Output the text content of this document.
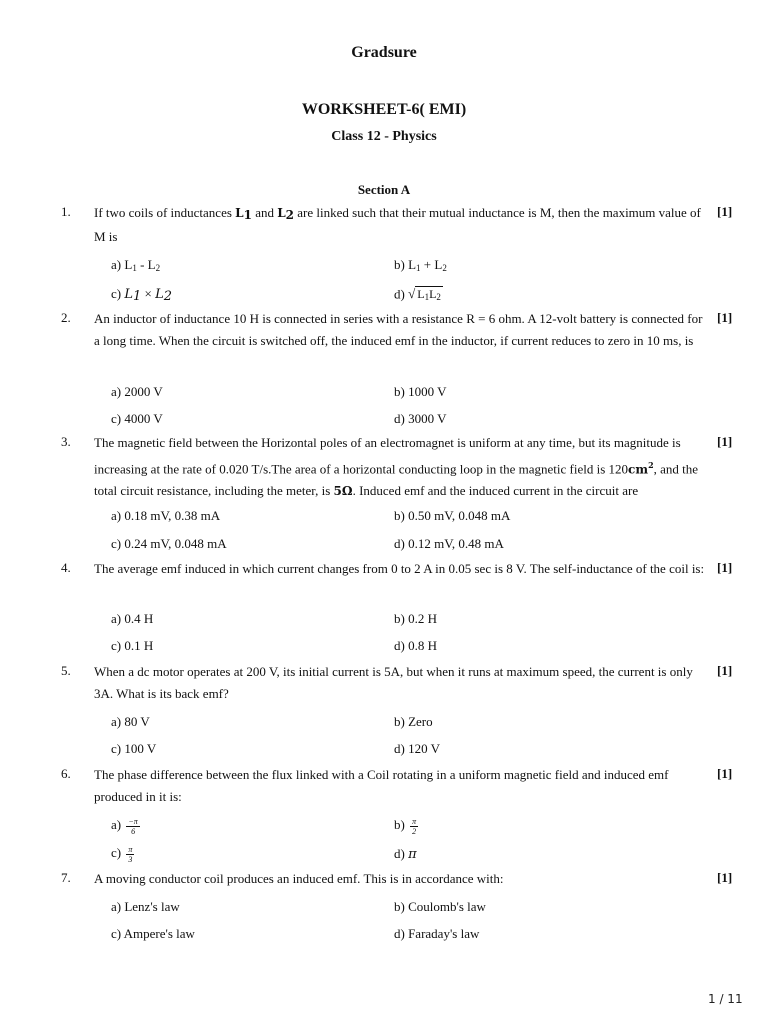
Gradsure
WORKSHEET-6( EMI)
Class 12 - Physics
Section A
1. If two coils of inductances $L_1$ and $L_2$ are linked such that their mutual inductance is M, then the maximum value of M is
[1]
a) $L_1 - L_2$	b) $L_1 + L_2$
c) $L_1 \times L_2$	d) √ $L_1L_2$
2. An inductor of inductance 10 H is connected in series with a resistance R = 6 ohm. A 12-volt battery is connected for a long time. When the circuit is switched off, the induced emf in the inductor, if current reduces to zero in 10 ms, is
[1]
a) 2000 V	b) 1000 V
c) 4000 V	d) 3000 V
3. The magnetic field between the Horizontal poles of an electromagnet is uniform at any time, but its magnitude is increasing at the rate of 0.020 T/s.The area of a horizontal conducting loop in the magnetic field is $120cm^2$, and the total circuit resistance, including the meter, is 5Ω. Induced emf and the induced current in the circuit are
[1]
a) 0.18 mV, 0.38 mA	b) 0.50 mV, 0.048 mA
c) 0.24 mV, 0.048 mA	d) 0.12 mV, 0.48 mA
4. The average emf induced in which current changes from 0 to 2 A in 0.05 sec is 8 V. The self-inductance of the coil is: [1]
a) 0.4 H	b) 0.2 H
c) 0.1 H	d) 0.8 H
5. When a dc motor operates at 200 V, its initial current is 5A, but when it runs at maximum speed, the current is only 3A. What is its back emf?
[1]
a) 80 V	b) Zero
c) 100 V	d) 120 V
6. The phase difference between the flux linked with a Coil rotating in a uniform magnetic field and induced emf produced in it is:
[1]
$a) \frac{-\pi}{6}$	$b) \frac{\pi}{2}$
$c) \frac{\pi}{3}$	d) π
7. A moving conductor coil produces an induced emf. This is in accordance with:	[1]
a) Lenz's law	b) Coulomb's law
c) Ampere's law	d) Faraday's law
1 / 11
